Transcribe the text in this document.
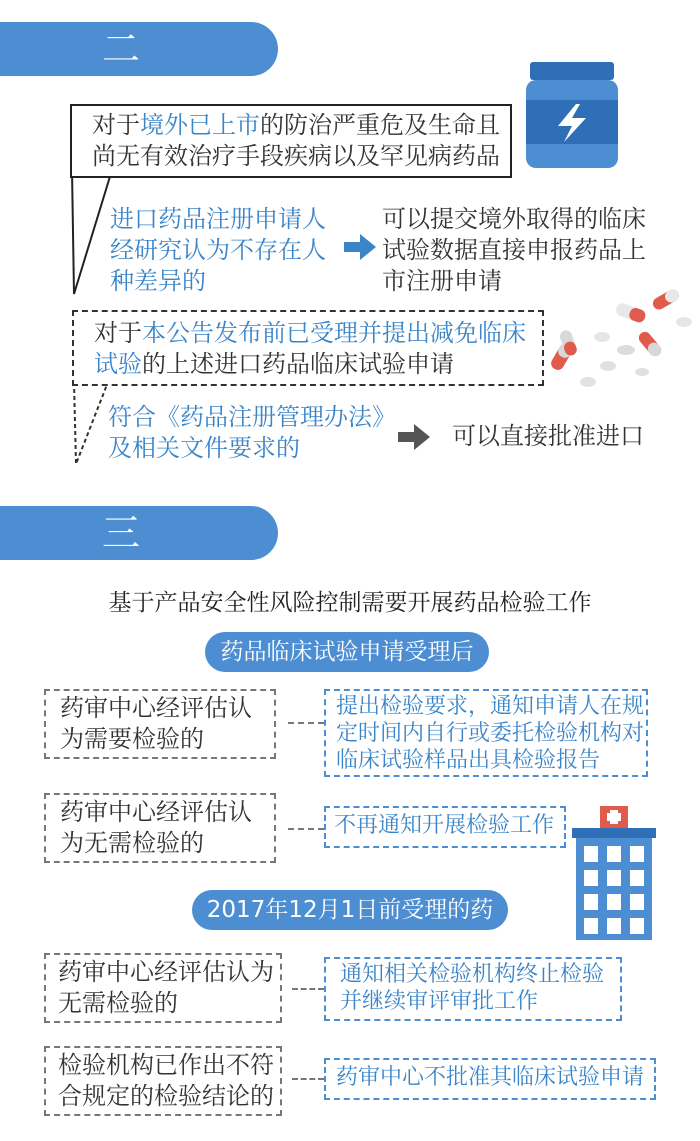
二
对于境外已上市的防治严重危及生命且尚无有效治疗手段疾病以及罕见病药品
进口药品注册申请人经研究认为不存在人种差异的
可以提交境外取得的临床试验数据直接申报药品上市注册申请
对于本公告发布前已受理并提出减免临床试验的上述进口药品临床试验申请
符合《药品注册管理办法》及相关文件要求的	可以直接批准进口
三
基于产品安全性风险控制需要开展药品检验工作
药品临床试验申请受理后
药审中心经评估认为需要检验的
提出检验要求，通知申请人在规定时间内自行或委托检验机构对临床试验样品出具检验报告
药审中心经评估认为无需检验的
不再通知开展检验工作
2017年12月1日前受理的药
药审中心经评估认为无需检验的
通知相关检验机构终止检验并继续审评审批工作
检验机构已作出不符合规定的检验结论的
药审中心不批准其临床试验申请
